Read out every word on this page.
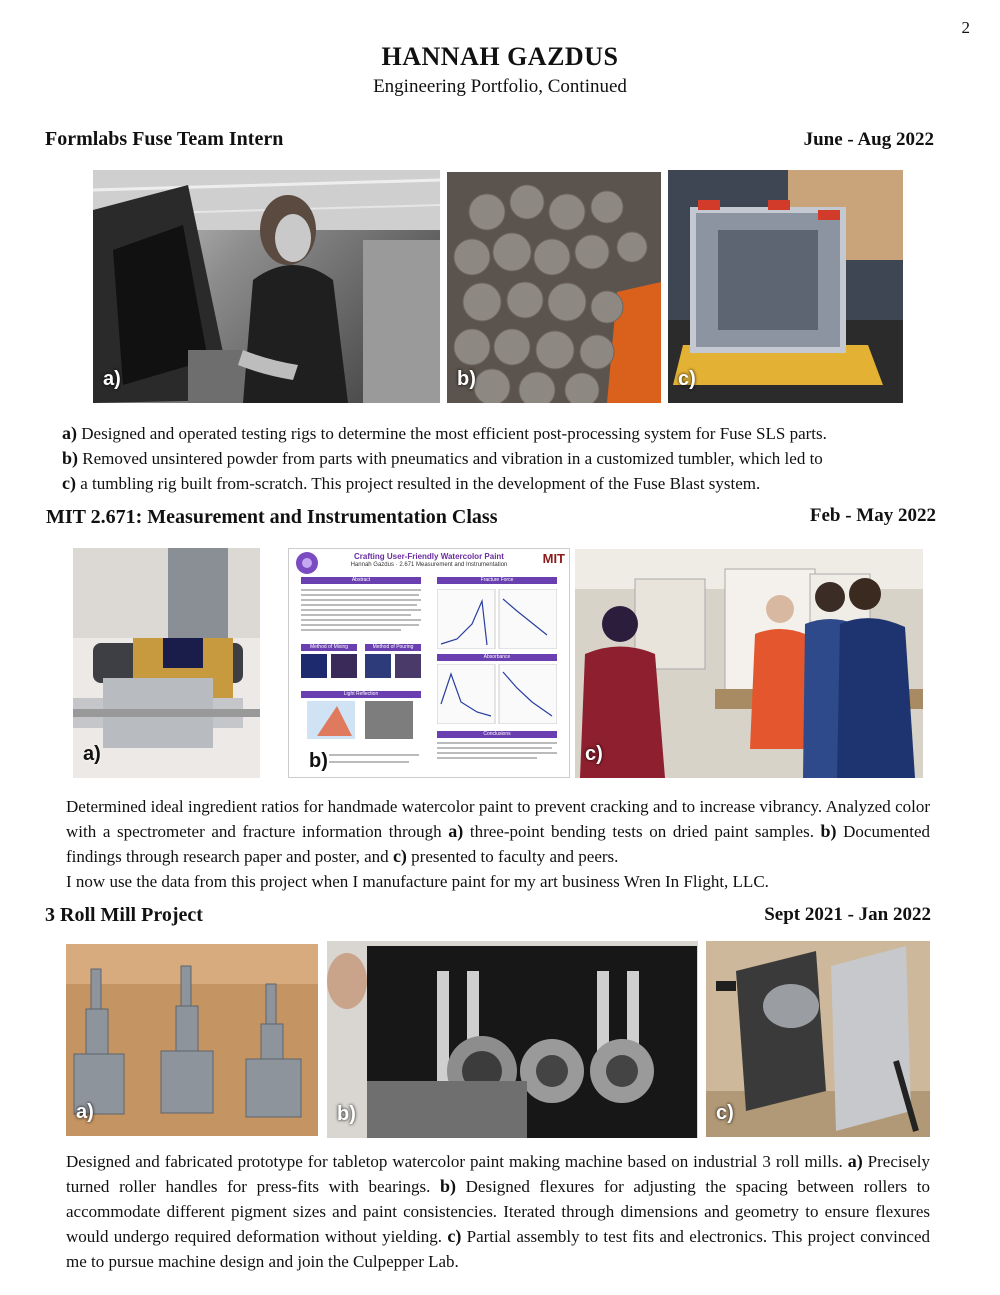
2
HANNAH GAZDUS
Engineering Portfolio, Continued
Formlabs Fuse Team Intern	June - Aug 2022
a)	b)	c)
a) Designed and operated testing rigs to determine the most efficient post-processing system for Fuse SLS parts.
b) Removed unsintered powder from parts with pneumatics and vibration in a customized tumbler, which led to
c) a tumbling rig built from-scratch. This project resulted in the development of the Fuse Blast system.
MIT 2.671: Measurement and Instrumentation Class	Feb - May 2022
a)
Crafting User-Friendly Watercolor Paint
Hannah Gazdus · 2.671 Measurement and Instrumentation	MIT
Abstract	Fracture Force
Method of Mixing	Method of Pouring
Light Reflection
Absorbance
Conclusions
b)	c)
Determined ideal ingredient ratios for handmade watercolor paint to prevent cracking and to increase vibrancy. Analyzed color with a spectrometer and fracture information through a) three-point bending tests on dried paint samples. b) Documented findings through research paper and poster, and c) presented to faculty and peers.
I now use the data from this project when I manufacture paint for my art business Wren In Flight, LLC.
3 Roll Mill Project	Sept 2021 - Jan 2022
a)	b)	c)
Designed and fabricated prototype for tabletop watercolor paint making machine based on industrial 3 roll mills. a) Precisely turned roller handles for press-fits with bearings. b) Designed flexures for adjusting the spacing between rollers to accommodate different pigment sizes and paint consistencies. Iterated through dimensions and geometry to ensure flexures would undergo required deformation without yielding. c) Partial assembly to test fits and electronics. This project convinced me to pursue machine design and join the Culpepper Lab.
